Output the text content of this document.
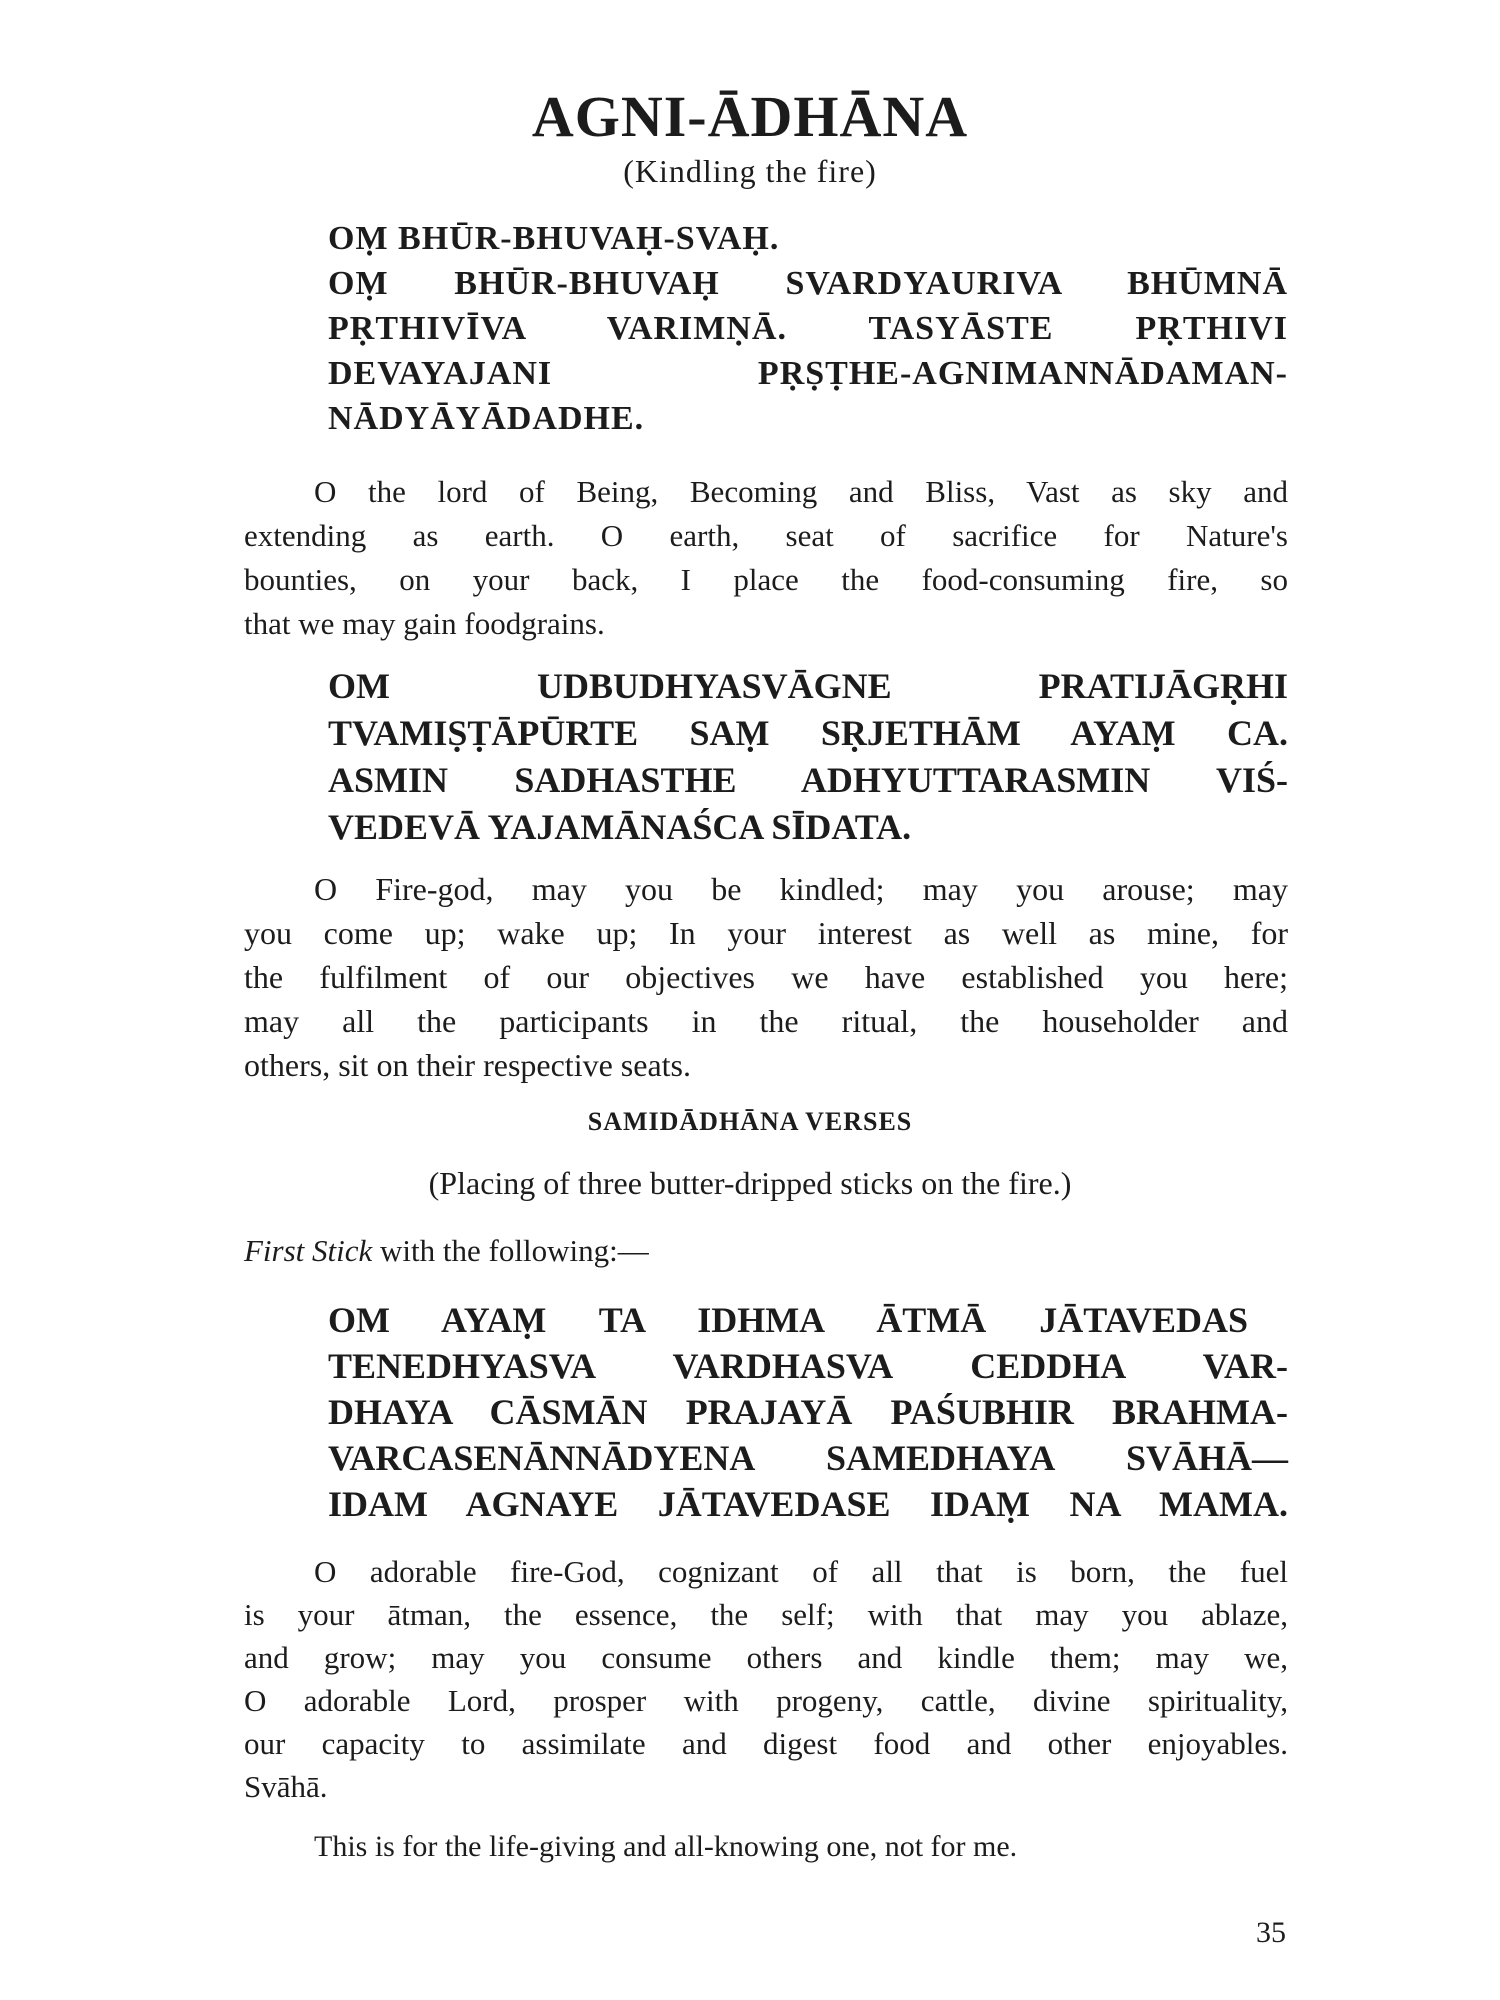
AGNI-ĀDHĀNA

(Kindling the fire)

OṂ BHŪR-BHUVAḤ-SVAḤ.
OṂ BHŪR-BHUVAḤ SVARDYAURIVA BHŪMNĀ
PṚTHIVĪVA VARIMṆĀ. TASYĀSTE PṚTHIVI
DEVAYAJANI PṚṢṬHE-AGNIMANNĀDAMAN-
NĀDYĀYĀDADHE.
O the lord of Being, Becoming and Bliss, Vast as sky and
extending as earth. O earth, seat of sacrifice for Nature's
bounties, on your back, I place the food-consuming fire, so
that we may gain foodgrains.
OM UDBUDHYASVĀGNE PRATIJĀGṚHI
TVAMIṢṬĀPŪRTE SAṂ SṚJETHĀM AYAṂ CA.
ASMIN SADHASTHE ADHYUTTARASMIN VIŚ-
VEDEVĀ YAJAMĀNAŚCA SĪDATA.
O Fire-god, may you be kindled; may you arouse; may
you come up; wake up; In your interest as well as mine, for
the fulfilment of our objectives we have established you here;
may all the participants in the ritual, the householder and
others, sit on their respective seats.

SAMIDĀDHĀNA VERSES

(Placing of three butter-dripped sticks on the fire.)

First Stick with the following:—

OM AYAṂ TA IDHMA ĀTMĀ JĀTAVEDAS
TENEDHYASVA VARDHASVA CEDDHA VAR-
DHAYA CĀSMĀN PRAJAYĀ PAŚUBHIR BRAHMA-
VARCASENĀNNĀDYENA SAMEDHAYA SVĀHĀ—
IDAM AGNAYE JĀTAVEDASE IDAṂ NA MAMA.
O adorable fire-God, cognizant of all that is born, the fuel
is your ātman, the essence, the self; with that may you ablaze,
and grow; may you consume others and kindle them; may we,
O adorable Lord, prosper with progeny, cattle, divine spirituality,
our capacity to assimilate and digest food and other enjoyables.
Svāhā.

This is for the life-giving and all-knowing one, not for me.

35
